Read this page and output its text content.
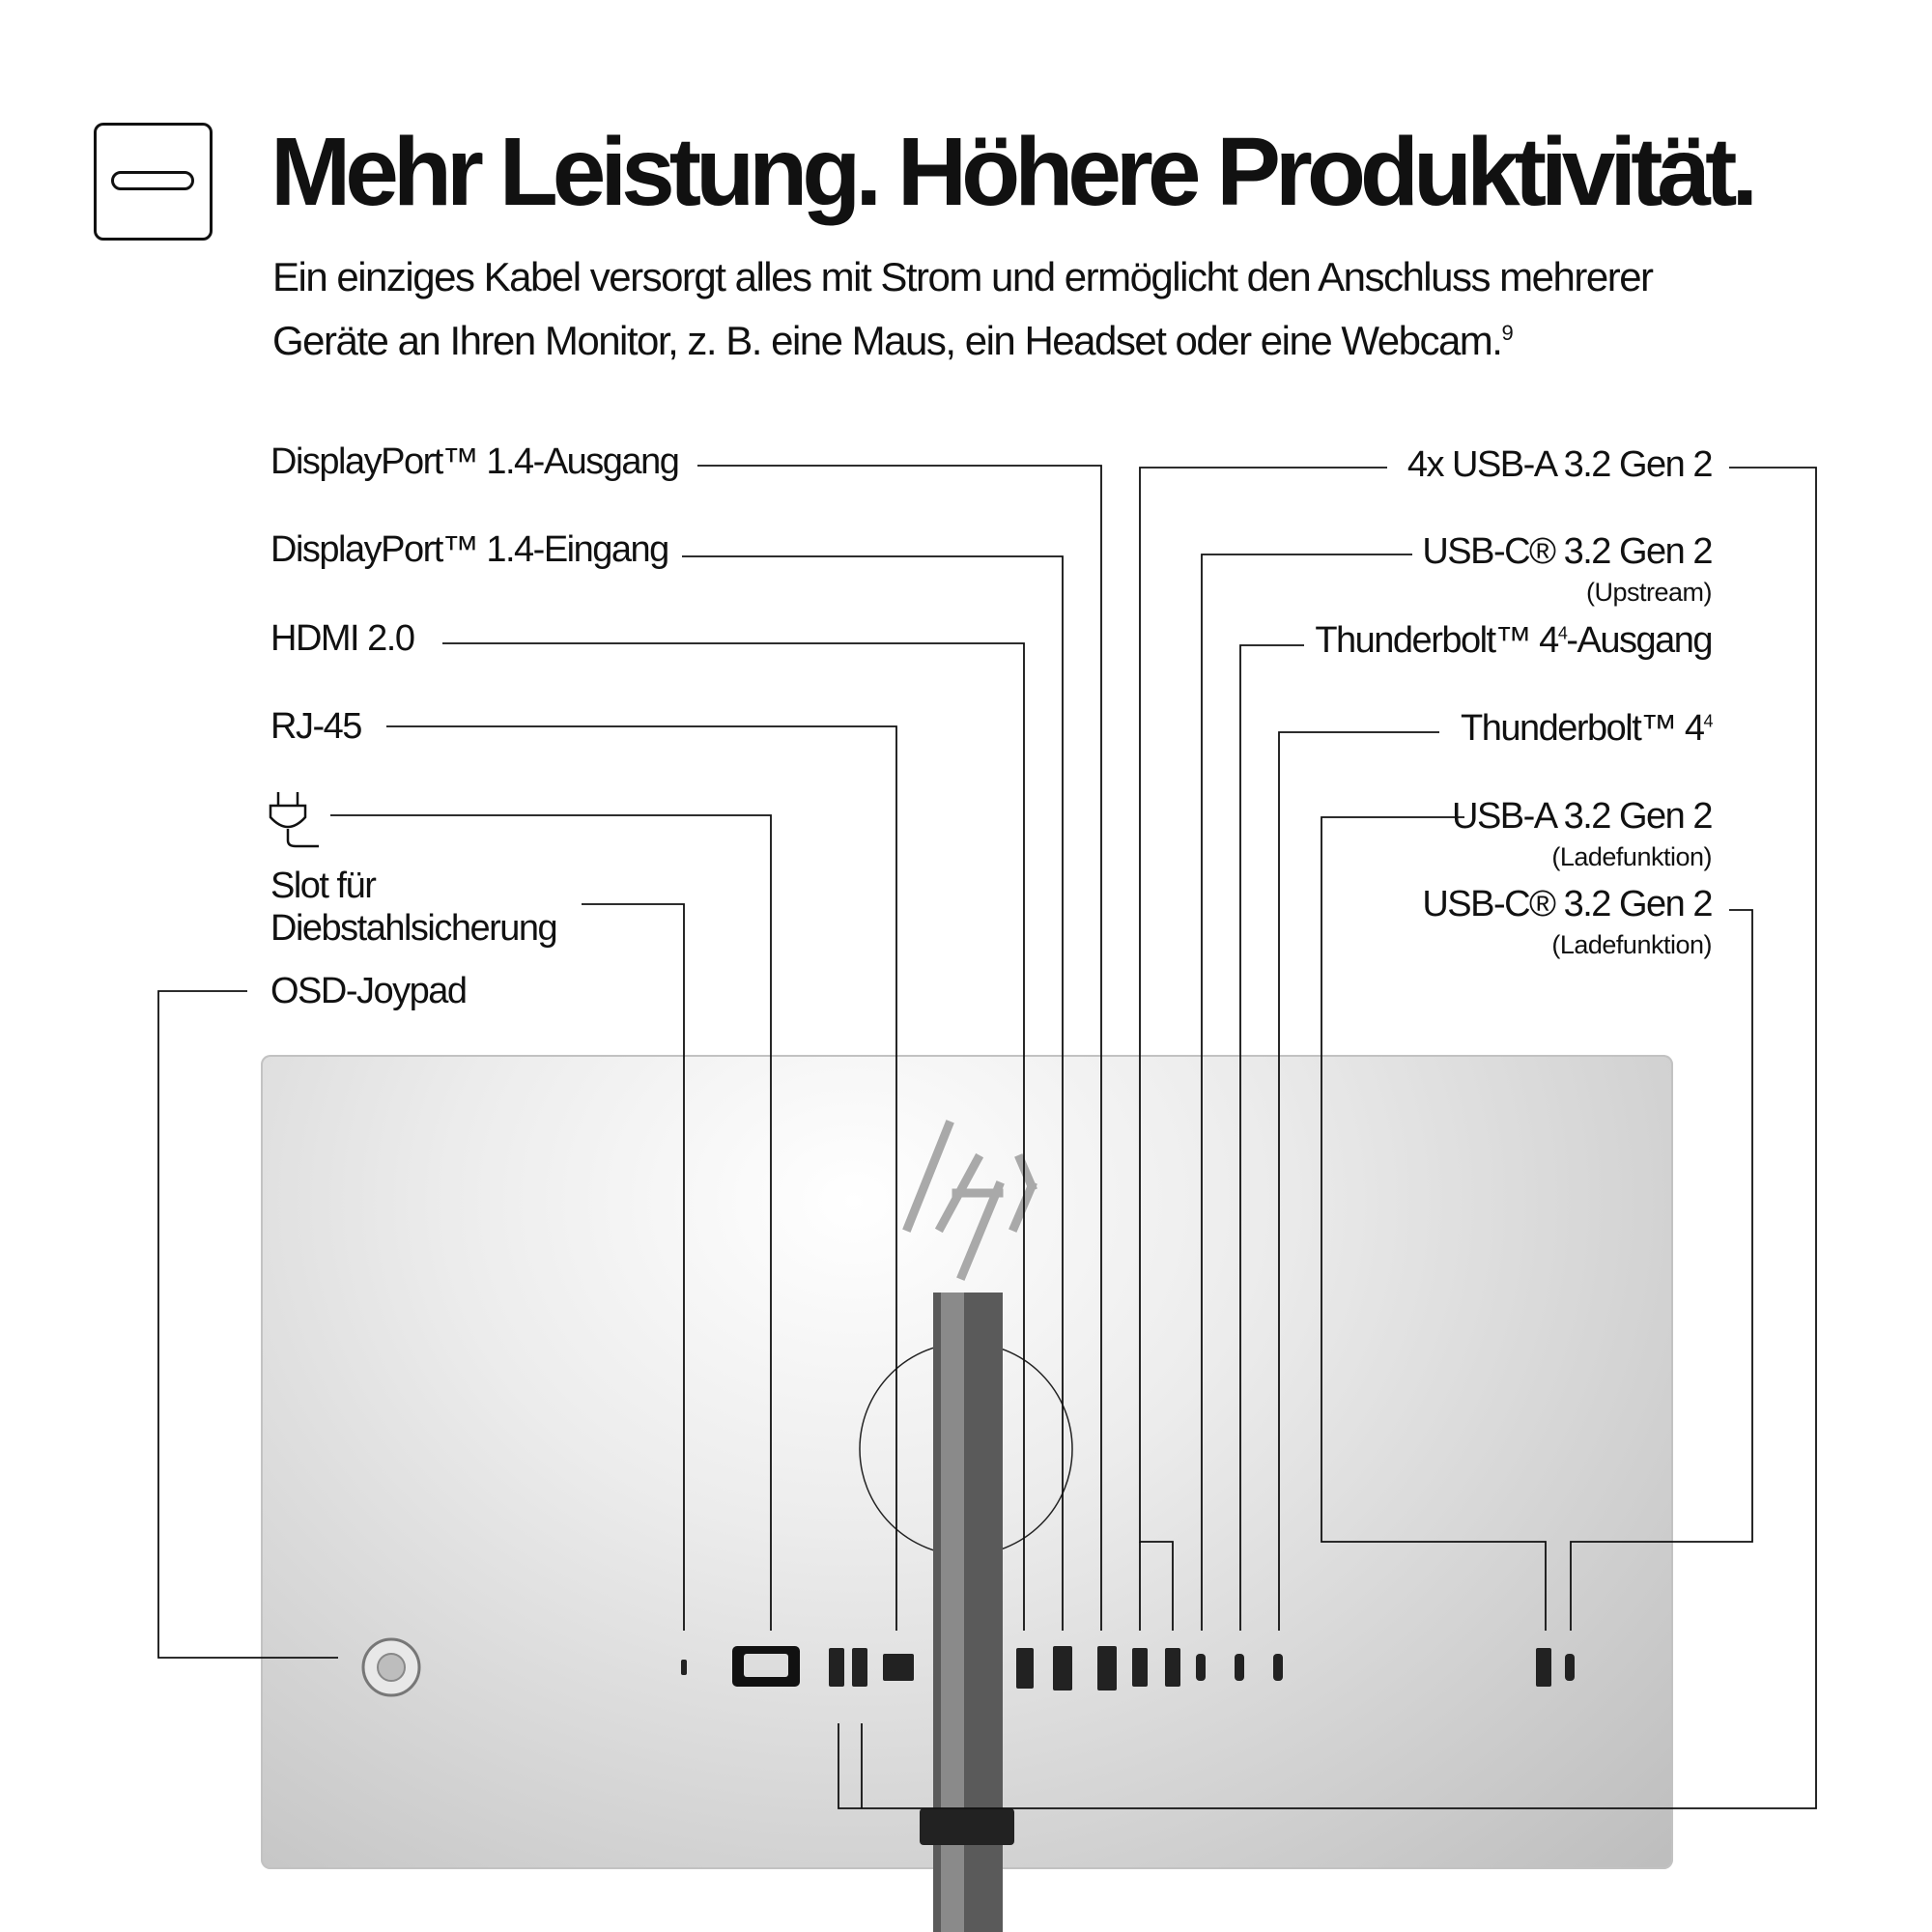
Mehr Leistung. Höhere Produktivität.
Ein einziges Kabel versorgt alles mit Strom und ermöglicht den Anschluss mehrerer
Geräte an Ihren Monitor, z. B. eine Maus, ein Headset oder eine Webcam.$^9$
DisplayPort™ 1.4-Ausgang
DisplayPort™ 1.4-Eingang
HDMI 2.0
RJ-45
Slot für
Diebstahlsicherung
OSD-Joypad
4x USB-A 3.2 Gen 2
USB-C® 3.2 Gen 2
(Upstream)
Thunderbolt™ $4^4$-Ausgang
Thunderbolt™ $4^4$
USB-A 3.2 Gen 2
(Ladefunktion)
USB-C® 3.2 Gen 2
(Ladefunktion)
